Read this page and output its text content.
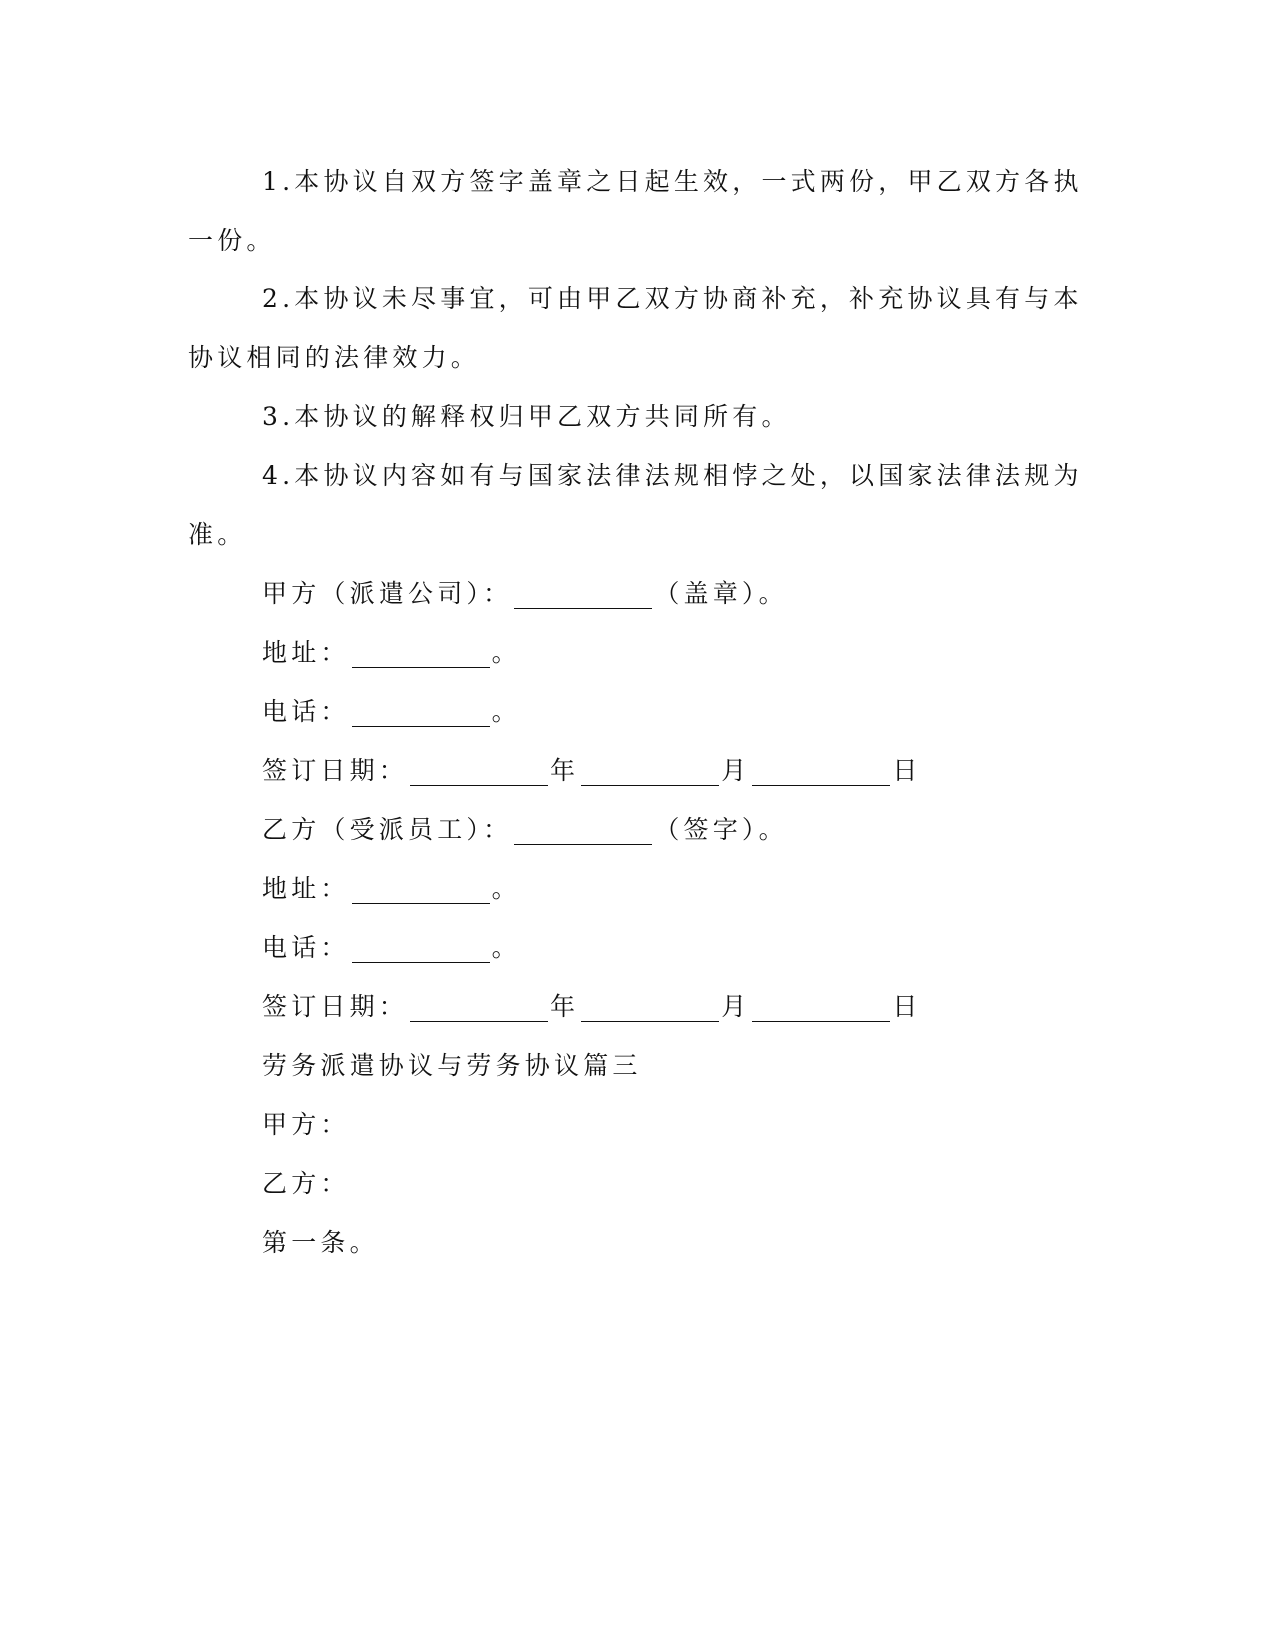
1.本协议自双方签字盖章之日起生效，一式两份，甲乙双方各执
一份。
2.本协议未尽事宜，可由甲乙双方协商补充，补充协议具有与本
协议相同的法律效力。
3.本协议的解释权归甲乙双方共同所有。
4.本协议内容如有与国家法律法规相悖之处，以国家法律法规为
准。
甲方（派遣公司）：	（盖章）。
地址：	。
电话：	。
签订日期：	年	月	日
乙方（受派员工）：	（签字）。
地址：	。
电话：	。
签订日期：	年	月	日
劳务派遣协议与劳务协议篇三
甲方：
乙方：
第一条。
